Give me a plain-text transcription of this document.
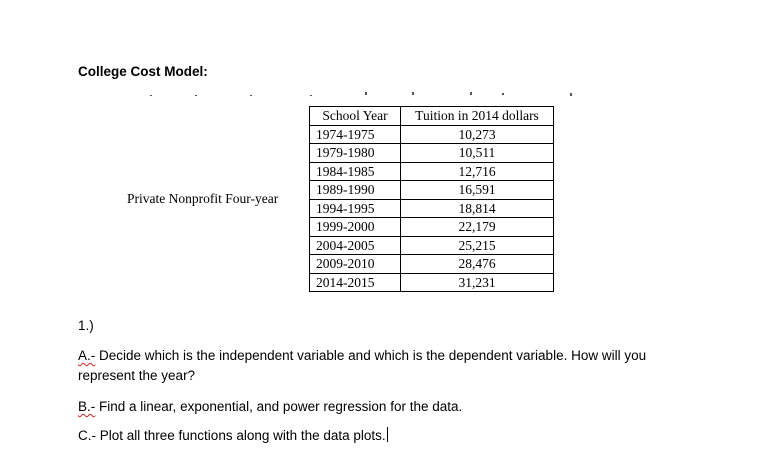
College Cost Model:
Private Nonprofit Four-year
School Year	Tuition in 2014 dollars
1974-1975	10,273
1979-1980	10,511
1984-1985	12,716
1989-1990	16,591
1994-1995	18,814
1999-2000	22,179
2004-2005	25,215
2009-2010	28,476
2014-2015	31,231
1.)
A.- Decide which is the independent variable and which is the dependent variable. How will you represent the year?
B.- Find a linear, exponential, and power regression for the data.
C.- Plot all three functions along with the data plots.
